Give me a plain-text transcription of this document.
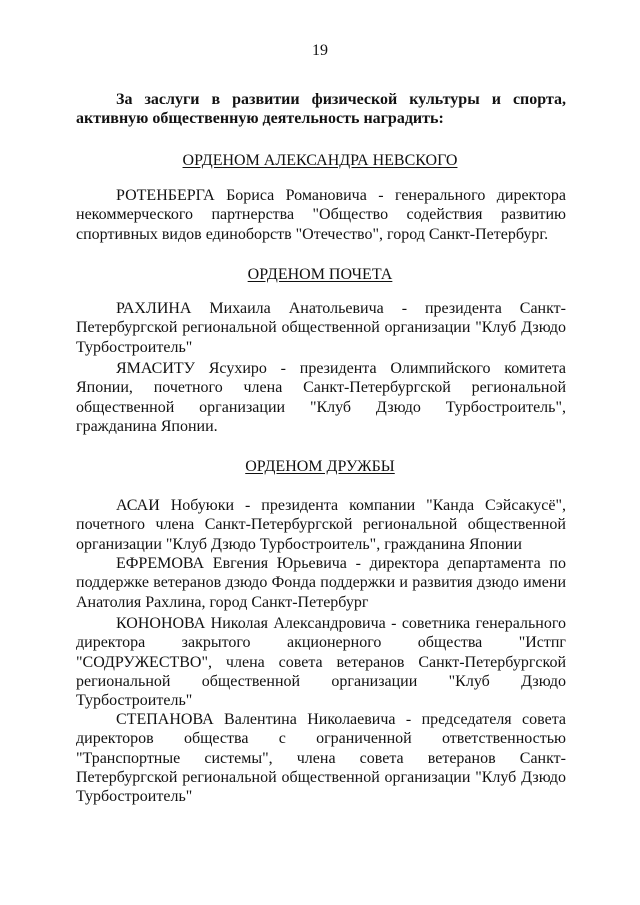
19
За заслуги в развитии физической культуры и спорта, активную общественную деятельность наградить:
ОРДЕНОМ АЛЕКСАНДРА НЕВСКОГО
РОТЕНБЕРГА Бориса Романовича - генерального директора некоммерческого партнерства "Общество содействия развитию спортивных видов единоборств "Отечество", город Санкт-Петербург.
ОРДЕНОМ ПОЧЕТА
РАХЛИНА Михаила Анатольевича - президента Санкт-Петербургской региональной общественной организации "Клуб Дзюдо Турбостроитель"
ЯМАСИТУ Ясухиро - президента Олимпийского комитета Японии, почетного члена Санкт-Петербургской региональной общественной организации "Клуб Дзюдо Турбостроитель", гражданина Японии.
ОРДЕНОМ ДРУЖБЫ
АСАИ Нобуюки - президента компании "Канда Сэйсакусё", почетного члена Санкт-Петербургской региональной общественной организации "Клуб Дзюдо Турбостроитель", гражданина Японии
ЕФРЕМОВА Евгения Юрьевича - директора департамента по поддержке ветеранов дзюдо Фонда поддержки и развития дзюдо имени Анатолия Рахлина, город Санкт-Петербург
КОНОНОВА Николая Александровича - советника генерального директора закрытого акционерного общества "Истпг "СОДРУЖЕСТВО", члена совета ветеранов Санкт-Петербургской региональной общественной организации "Клуб Дзюдо Турбостроитель"
СТЕПАНОВА Валентина Николаевича - председателя совета директоров общества с ограниченной ответственностью "Транспортные системы", члена совета ветеранов Санкт-Петербургской региональной общественной организации "Клуб Дзюдо Турбостроитель"
